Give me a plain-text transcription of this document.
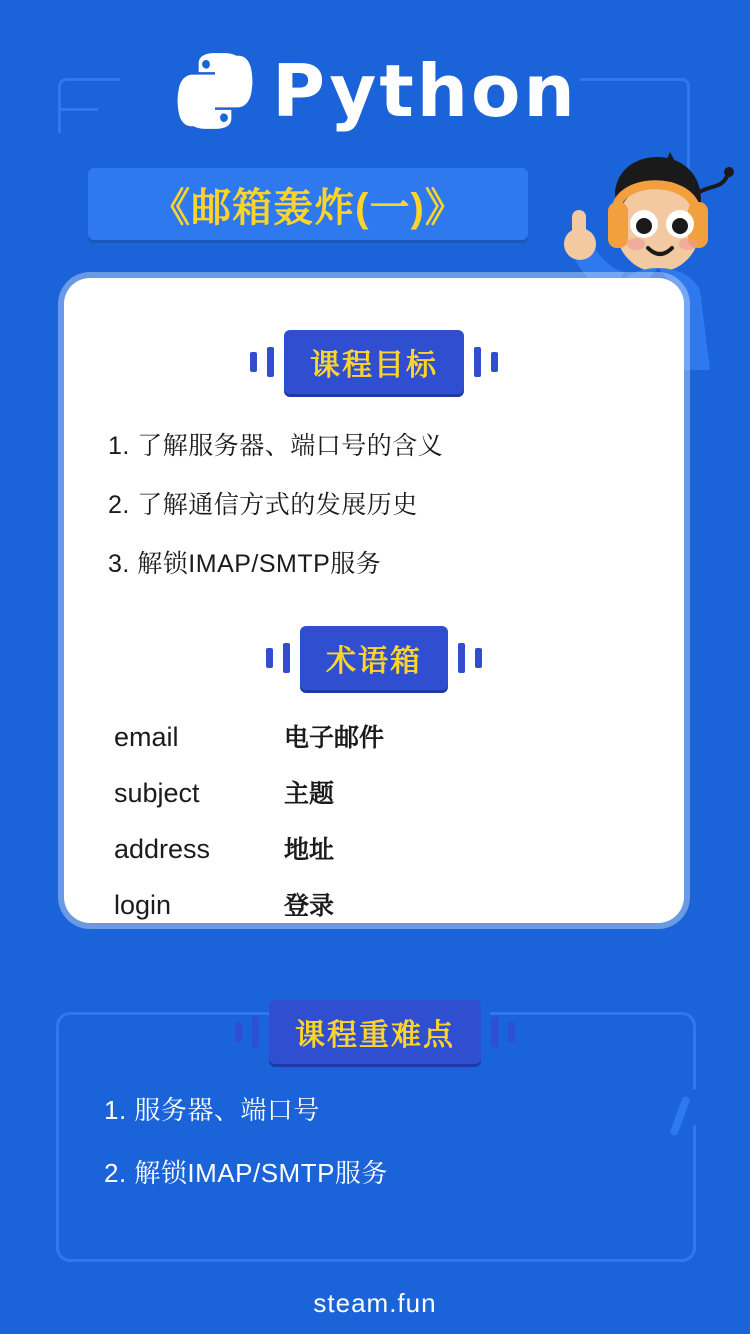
Python
《邮箱轰炸(一)》
课程目标
1. 了解服务器、端口号的含义
2. 了解通信方式的发展历史
3. 解锁IMAP/SMTP服务
术语箱
email	电子邮件
subject	主题
address	地址
login	登录
课程重难点
1. 服务器、端口号
2. 解锁IMAP/SMTP服务
steam.fun
